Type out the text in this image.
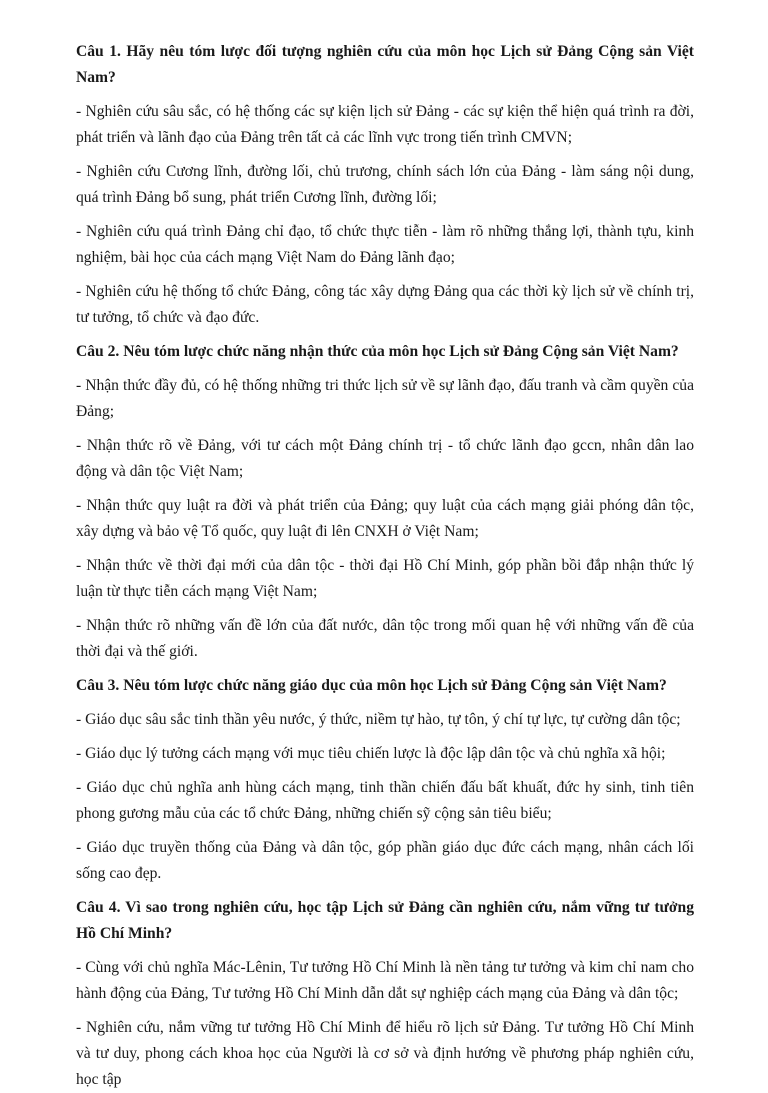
Câu 1. Hãy nêu tóm lược đối tượng nghiên cứu của môn học Lịch sử Đảng Cộng sản Việt Nam?

- Nghiên cứu sâu sắc, có hệ thống các sự kiện lịch sử Đảng - các sự kiện thể hiện quá trình ra đời, phát triển và lãnh đạo của Đảng trên tất cả các lĩnh vực trong tiến trình CMVN;

- Nghiên cứu Cương lĩnh, đường lối, chủ trương, chính sách lớn của Đảng - làm sáng nội dung, quá trình Đảng bổ sung, phát triển Cương lĩnh, đường lối;

- Nghiên cứu quá trình Đảng chỉ đạo, tổ chức thực tiễn - làm rõ những thắng lợi, thành tựu, kinh nghiệm, bài học của cách mạng Việt Nam do Đảng lãnh đạo;

- Nghiên cứu hệ thống tổ chức Đảng, công tác xây dựng Đảng qua các thời kỳ lịch sử về chính trị, tư tưởng, tổ chức và đạo đức.

Câu 2. Nêu tóm lược chức năng nhận thức của môn học Lịch sử Đảng Cộng sản Việt Nam?

- Nhận thức đầy đủ, có hệ thống những tri thức lịch sử về sự lãnh đạo, đấu tranh và cầm quyền của Đảng;

- Nhận thức rõ về Đảng, với tư cách một Đảng chính trị - tổ chức lãnh đạo gccn, nhân dân lao động và dân tộc Việt Nam;

- Nhận thức quy luật ra đời và phát triển của Đảng; quy luật của cách mạng giải phóng dân tộc, xây dựng và bảo vệ Tổ quốc, quy luật đi lên CNXH ở Việt Nam;

- Nhận thức về thời đại mới của dân tộc - thời đại Hồ Chí Minh, góp phần bồi đắp nhận thức lý luận từ thực tiễn cách mạng Việt Nam;

- Nhận thức rõ những vấn đề lớn của đất nước, dân tộc trong mối quan hệ với những vấn đề của thời đại và thế giới.

Câu 3. Nêu tóm lược chức năng giáo dục của môn học Lịch sử Đảng Cộng sản Việt Nam?

- Giáo dục sâu sắc tinh thần yêu nước, ý thức, niềm tự hào, tự tôn, ý chí tự lực, tự cường dân tộc;

- Giáo dục lý tưởng cách mạng với mục tiêu chiến lược là độc lập dân tộc và chủ nghĩa xã hội;

- Giáo dục chủ nghĩa anh hùng cách mạng, tinh thần chiến đấu bất khuất, đức hy sinh, tinh tiên phong gương mẫu của các tổ chức Đảng, những chiến sỹ cộng sản tiêu biểu;

- Giáo dục truyền thống của Đảng và dân tộc, góp phần giáo dục đức cách mạng, nhân cách lối sống cao đẹp.

Câu 4. Vì sao trong nghiên cứu, học tập Lịch sử Đảng cần nghiên cứu, nắm vững tư tưởng Hồ Chí Minh?

- Cùng với chủ nghĩa Mác-Lênin, Tư tưởng Hồ Chí Minh là nền tảng tư tưởng và kim chỉ nam cho hành động của Đảng, Tư tưởng Hồ Chí Minh dẫn dắt sự nghiệp cách mạng của Đảng và dân tộc;

- Nghiên cứu, nắm vững tư tưởng Hồ Chí Minh để hiểu rõ lịch sử Đảng. Tư tưởng Hồ Chí Minh và tư duy, phong cách khoa học của Người là cơ sở và định hướng về phương pháp nghiên cứu, học tập
